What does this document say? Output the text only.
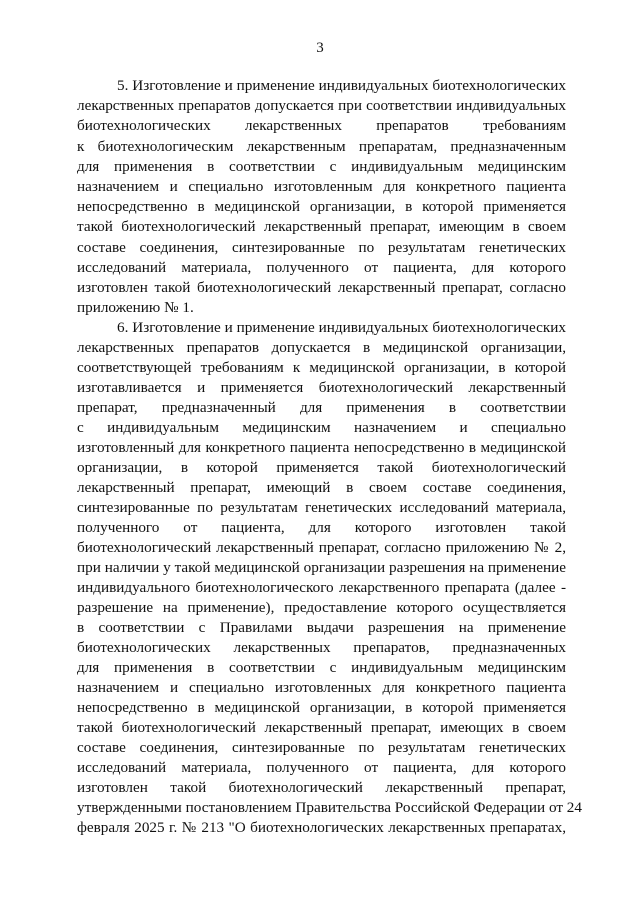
3
5. Изготовление и применение индивидуальных биотехнологических
лекарственных препаратов допускается при соответствии индивидуальных
биотехнологических лекарственных препаратов требованиям
к биотехнологическим лекарственным препаратам, предназначенным
для применения в соответствии с индивидуальным медицинским
назначением и специально изготовленным для конкретного пациента
непосредственно в медицинской организации, в которой применяется
такой биотехнологический лекарственный препарат, имеющим в своем
составе соединения, синтезированные по результатам генетических
исследований материала, полученного от пациента, для которого
изготовлен такой биотехнологический лекарственный препарат, согласно
приложению № 1.
6. Изготовление и применение индивидуальных биотехнологических
лекарственных препаратов допускается в медицинской организации,
соответствующей требованиям к медицинской организации, в которой
изготавливается и применяется биотехнологический лекарственный
препарат, предназначенный для применения в соответствии
с индивидуальным медицинским назначением и специально
изготовленный для конкретного пациента непосредственно в медицинской
организации, в которой применяется такой биотехнологический
лекарственный препарат, имеющий в своем составе соединения,
синтезированные по результатам генетических исследований материала,
полученного от пациента, для которого изготовлен такой
биотехнологический лекарственный препарат, согласно приложению № 2,
при наличии у такой медицинской организации разрешения на применение
индивидуального биотехнологического лекарственного препарата (далее -
разрешение на применение), предоставление которого осуществляется
в соответствии с Правилами выдачи разрешения на применение
биотехнологических лекарственных препаратов, предназначенных
для применения в соответствии с индивидуальным медицинским
назначением и специально изготовленных для конкретного пациента
непосредственно в медицинской организации, в которой применяется
такой биотехнологический лекарственный препарат, имеющих в своем
составе соединения, синтезированные по результатам генетических
исследований материала, полученного от пациента, для которого
изготовлен такой биотехнологический лекарственный препарат,
утвержденными постановлением Правительства Российской Федерации от 24
февраля 2025 г. № 213 "О биотехнологических лекарственных препаратах,
